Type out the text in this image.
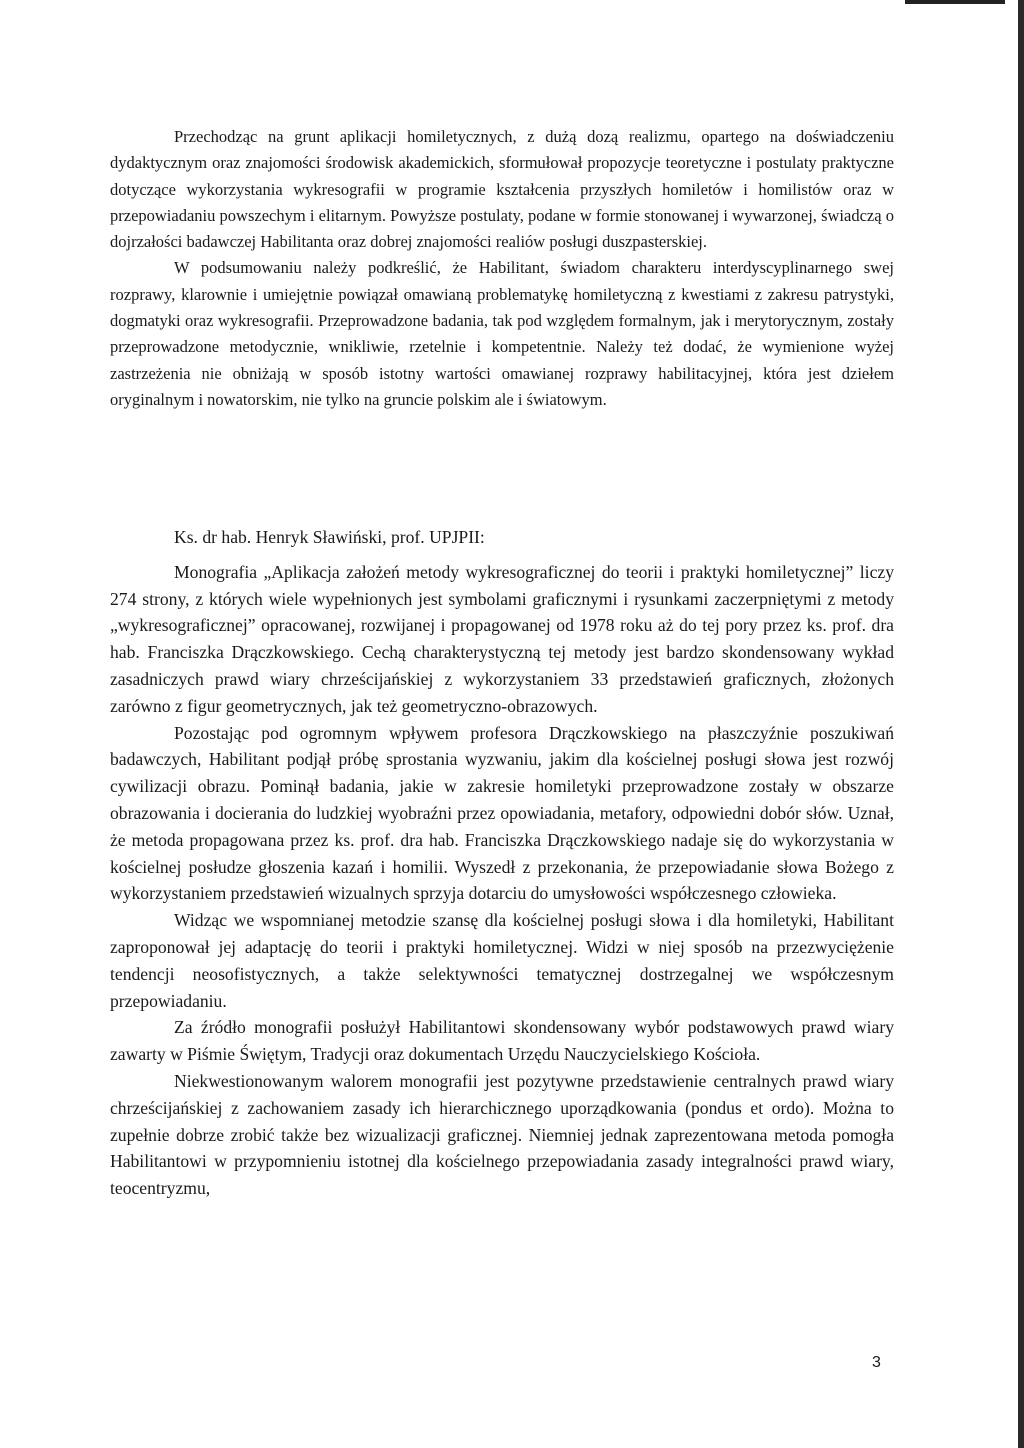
Przechodząc na grunt aplikacji homiletycznych, z dużą dozą realizmu, opartego na doświadczeniu dydaktycznym oraz znajomości środowisk akademickich, sformułował propozycje teoretyczne i postulaty praktyczne dotyczące wykorzystania wykresografii w programie kształcenia przyszłych homiletów i homilistów oraz w przepowiadaniu powszechym i elitarnym. Powyższe postulaty, podane w formie stonowanej i wywarzonej, świadczą o dojrzałości badawczej Habilitanta oraz dobrej znajomości realiów posługi duszpasterskiej.

W podsumowaniu należy podkreślić, że Habilitant, świadom charakteru interdyscyplinarnego swej rozprawy, klarownie i umiejętnie powiązał omawianą problematykę homiletyczną z kwestiami z zakresu patrystyki, dogmatyki oraz wykresografii. Przeprowadzone badania, tak pod względem formalnym, jak i merytorycznym, zostały przeprowadzone metodycznie, wnikliwie, rzetelnie i kompetentnie. Należy też dodać, że wymienione wyżej zastrzeżenia nie obniżają w sposób istotny wartości omawianej rozprawy habilitacyjnej, która jest dziełem oryginalnym i nowatorskim, nie tylko na gruncie polskim ale i światowym.

Ks. dr hab. Henryk Sławiński, prof. UPJPII:

Monografia „Aplikacja założeń metody wykresograficznej do teorii i praktyki homiletycznej” liczy 274 strony, z których wiele wypełnionych jest symbolami graficznymi i rysunkami zaczerpniętymi z metody „wykresograficznej” opracowanej, rozwijanej i propagowanej od 1978 roku aż do tej pory przez ks. prof. dra hab. Franciszka Drączkowskiego. Cechą charakterystyczną tej metody jest bardzo skondensowany wykład zasadniczych prawd wiary chrześcijańskiej z wykorzystaniem 33 przedstawień graficznych, złożonych zarówno z figur geometrycznych, jak też geometryczno-obrazowych.

Pozostając pod ogromnym wpływem profesora Drączkowskiego na płaszczyźnie poszukiwań badawczych, Habilitant podjął próbę sprostania wyzwaniu, jakim dla kościelnej posługi słowa jest rozwój cywilizacji obrazu. Pominął badania, jakie w zakresie homiletyki przeprowadzone zostały w obszarze obrazowania i docierania do ludzkiej wyobraźni przez opowiadania, metafory, odpowiedni dobór słów. Uznał, że metoda propagowana przez ks. prof. dra hab. Franciszka Drączkowskiego nadaje się do wykorzystania w kościelnej posłudze głoszenia kazań i homilii. Wyszedł z przekonania, że przepowiadanie słowa Bożego z wykorzystaniem przedstawień wizualnych sprzyja dotarciu do umysłowości współczesnego człowieka.

Widząc we wspomnianej metodzie szansę dla kościelnej posługi słowa i dla homiletyki, Habilitant zaproponował jej adaptację do teorii i praktyki homiletycznej. Widzi w niej sposób na przezwyciężenie tendencji neosofistycznych, a także selektywności tematycznej dostrzegalnej we współczesnym przepowiadaniu.

Za źródło monografii posłużył Habilitantowi skondensowany wybór podstawowych prawd wiary zawarty w Piśmie Świętym, Tradycji oraz dokumentach Urzędu Nauczycielskiego Kościoła.

Niekwestionowanym walorem monografii jest pozytywne przedstawienie centralnych prawd wiary chrześcijańskiej z zachowaniem zasady ich hierarchicznego uporządkowania (pondus et ordo). Można to zupełnie dobrze zrobić także bez wizualizacji graficznej. Niemniej jednak zaprezentowana metoda pomogła Habilitantowi w przypomnieniu istotnej dla kościelnego przepowiadania zasady integralności prawd wiary, teocentryzmu,

3
